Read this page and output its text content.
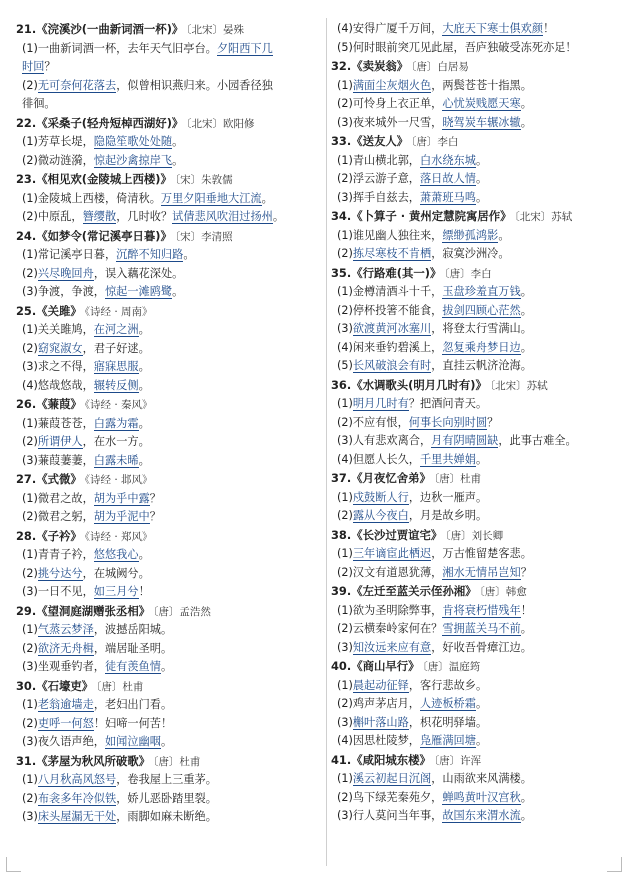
21.《浣溪沙(一曲新词酒一杯)》 〔北宋〕晏殊
(1)一曲新词酒一杯，去年天气旧亭台。夕阳西下几
时回？
(2)无可奈何花落去，似曾相识燕归来。小园香径独
徘徊。
22.《采桑子(轻舟短棹西湖好)》 〔北宋〕欧阳修
(1)芳草长堤，隐隐笙歌处处随。
(2)微动涟漪，惊起沙禽掠岸飞。
23.《相见欢(金陵城上西楼)》 〔宋〕朱敦儒
(1)金陵城上西楼，倚清秋。万里夕阳垂地大江流。
(2)中原乱，簪缨散，几时收？试倩悲风吹泪过扬州。
24.《如梦令(常记溪亭日暮)》 〔宋〕李清照
(1)常记溪亭日暮，沉醉不知归路。
(2)兴尽晚回舟，误入藕花深处。
(3)争渡，争渡，惊起一滩鸥鹭。
25.《关雎》 《诗经 · 周南》
(1)关关雎鸠，在河之洲。
(2)窈窕淑女，君子好逑。
(3)求之不得，寤寐思服。
(4)悠哉悠哉，辗转反侧。
26.《蒹葭》 《诗经 · 秦风》
(1)蒹葭苍苍，白露为霜。
(2)所谓伊人，在水一方。
(3)蒹葭萋萋，白露未晞。
27.《式微》 《诗经 · 邶风》
(1)微君之故，胡为乎中露？
(2)微君之躬，胡为乎泥中？
28.《子衿》 《诗经 · 郑风》
(1)青青子衿，悠悠我心。
(2)挑兮达兮，在城阙兮。
(3)一日不见，如三月兮！
29.《望洞庭湖赠张丞相》 〔唐〕孟浩然
(1)气蒸云梦泽，波撼岳阳城。
(2)欲济无舟楫，端居耻圣明。
(3)坐观垂钓者，徒有羡鱼情。
30.《石壕吏》 〔唐〕杜甫
(1)老翁逾墙走，老妇出门看。
(2)吏呼一何怒！妇啼一何苦！
(3)夜久语声绝，如闻泣幽咽。
31.《茅屋为秋风所破歌》 〔唐〕杜甫
(1)八月秋高风怒号，卷我屋上三重茅。
(2)布衾多年冷似铁，娇儿恶卧踏里裂。
(3)床头屋漏无干处，雨脚如麻未断绝。
(4)安得广厦千万间，大庇天下寒士俱欢颜！
(5)何时眼前突兀见此屋，吾庐独破受冻死亦足！
32.《卖炭翁》 〔唐〕白居易
(1)满面尘灰烟火色，两鬓苍苍十指黑。
(2)可怜身上衣正单，心忧炭贱愿天寒。
(3)夜来城外一尺雪，晓驾炭车辗冰辙。
33.《送友人》 〔唐〕李白
(1)青山横北郭，白水绕东城。
(2)浮云游子意，落日故人情。
(3)挥手自兹去，萧萧班马鸣。
34.《卜算子 · 黄州定慧院寓居作》 〔北宋〕苏轼
(1)谁见幽人独往来，缥缈孤鸿影。
(2)拣尽寒枝不肯栖，寂寞沙洲冷。
35.《行路难(其一)》 〔唐〕李白
(1)金樽清酒斗十千，玉盘珍羞直万钱。
(2)停杯投箸不能食，拔剑四顾心茫然。
(3)欲渡黄河冰塞川，将登太行雪满山。
(4)闲来垂钓碧溪上，忽复乘舟梦日边。
(5)长风破浪会有时，直挂云帆济沧海。
36.《水调歌头(明月几时有)》 〔北宋〕苏轼
(1)明月几时有？把酒问青天。
(2)不应有恨，何事长向别时圆？
(3)人有悲欢离合，月有阴晴圆缺，此事古难全。
(4)但愿人长久，千里共婵娟。
37.《月夜忆舍弟》 〔唐〕杜甫
(1)戍鼓断人行，边秋一雁声。
(2)露从今夜白，月是故乡明。
38.《长沙过贾谊宅》 〔唐〕刘长卿
(1)三年谪宦此栖迟，万古惟留楚客悲。
(2)汉文有道恩犹薄，湘水无情吊岂知？
39.《左迁至蓝关示侄孙湘》 〔唐〕韩愈
(1)欲为圣明除弊事，肯将衰朽惜残年！
(2)云横秦岭家何在？雪拥蓝关马不前。
(3)知汝远来应有意，好收吾骨瘴江边。
40.《商山早行》 〔唐〕温庭筠
(1)晨起动征铎，客行悲故乡。
(2)鸡声茅店月，人迹板桥霜。
(3)槲叶落山路，枳花明驿墙。
(4)因思杜陵梦，凫雁满回塘。
41.《咸阳城东楼》 〔唐〕许浑
(1)溪云初起日沉阁，山雨欲来风满楼。
(2)鸟下绿芜秦苑夕，蝉鸣黄叶汉宫秋。
(3)行人莫问当年事，故国东来渭水流。
